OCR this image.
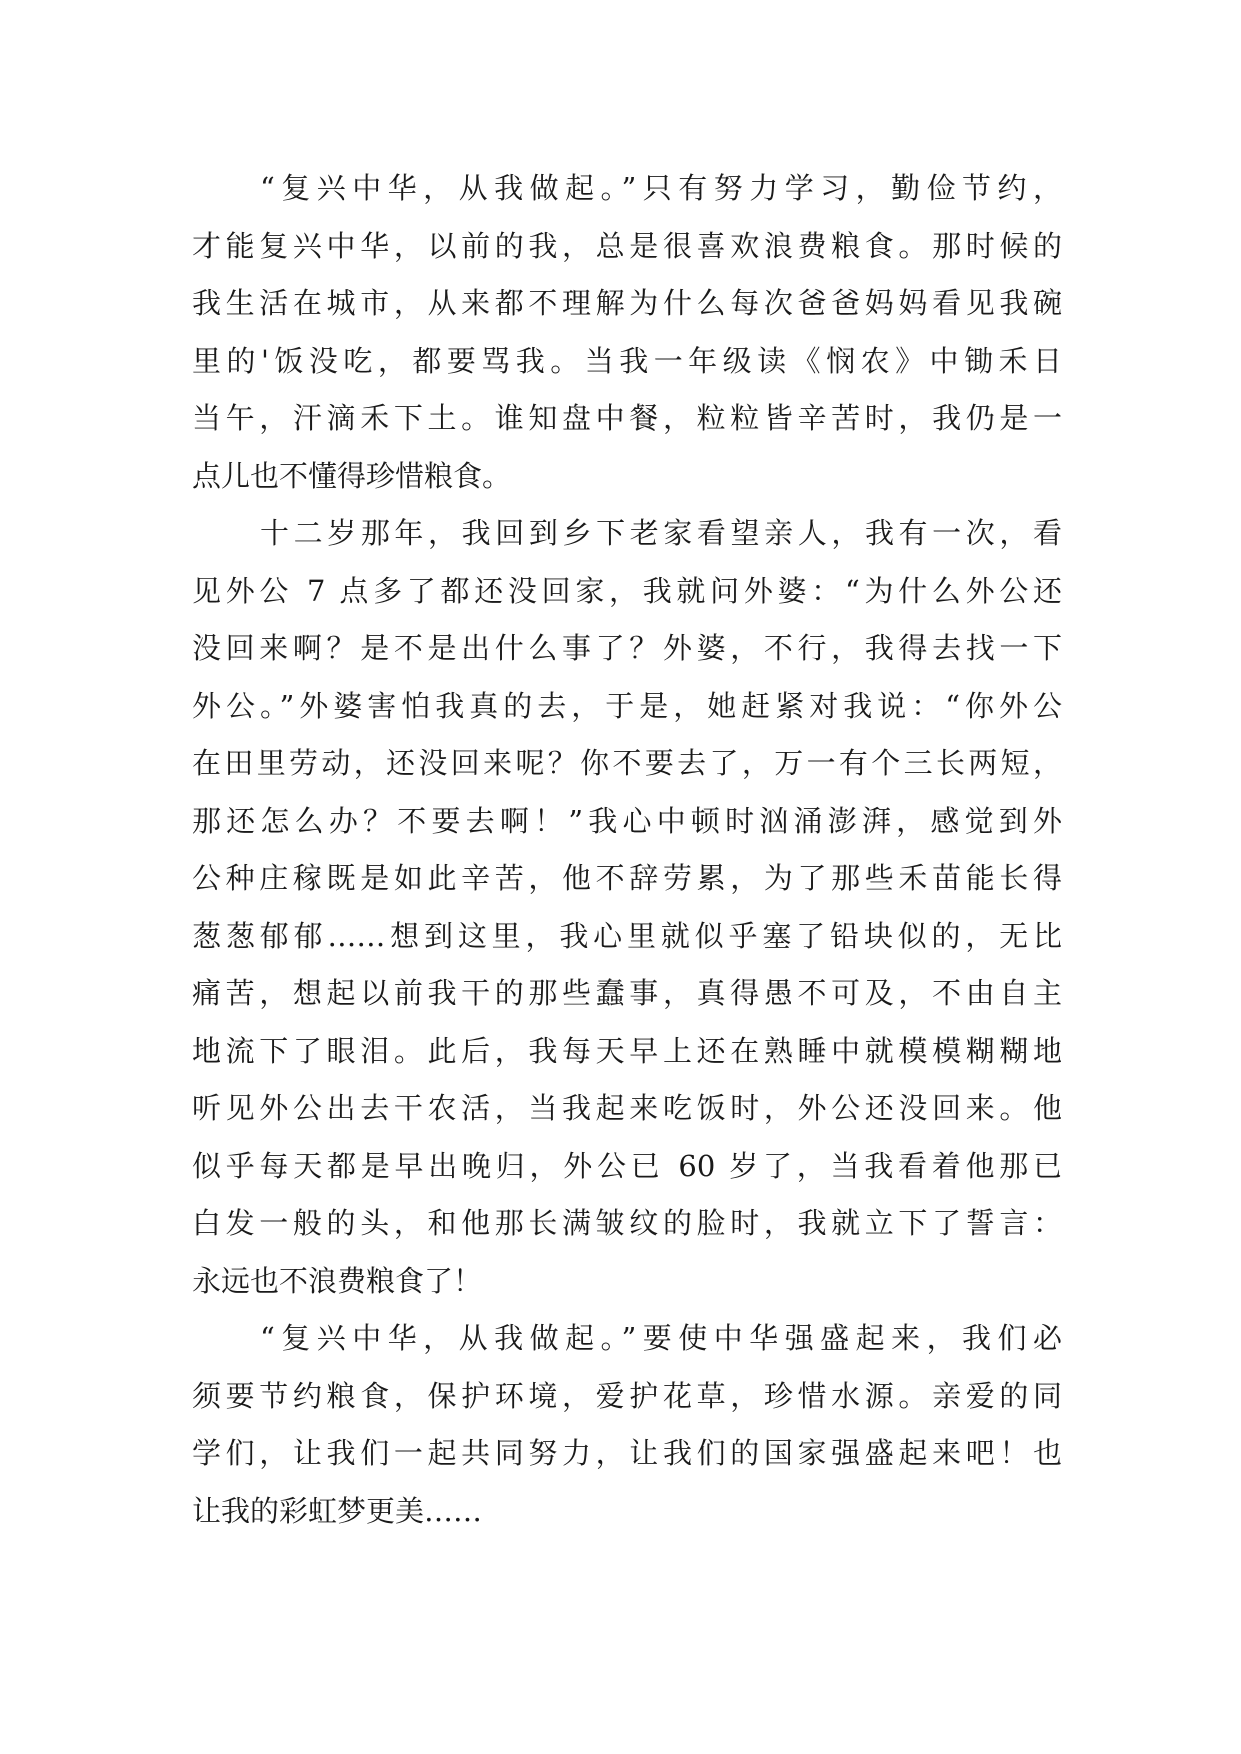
“复兴中华，从我做起。”只有努力学习，勤俭节约，
才能复兴中华，以前的我，总是很喜欢浪费粮食。那时候的
我生活在城市，从来都不理解为什么每次爸爸妈妈看见我碗
里的'饭没吃，都要骂我。当我一年级读《悯农》中锄禾日
当午，汗滴禾下土。谁知盘中餐，粒粒皆辛苦时，我仍是一
点儿也不懂得珍惜粮食。
十二岁那年，我回到乡下老家看望亲人，我有一次，看
见外公 7 点多了都还没回家，我就问外婆：“为什么外公还
没回来啊？是不是出什么事了？外婆，不行，我得去找一下
外公。”外婆害怕我真的去，于是，她赶紧对我说：“你外公
在田里劳动，还没回来呢？你不要去了，万一有个三长两短，
那还怎么办？不要去啊！”我心中顿时汹涌澎湃，感觉到外
公种庄稼既是如此辛苦，他不辞劳累，为了那些禾苗能长得
葱葱郁郁……想到这里，我心里就似乎塞了铅块似的，无比
痛苦，想起以前我干的那些蠢事，真得愚不可及，不由自主
地流下了眼泪。此后，我每天早上还在熟睡中就模模糊糊地
听见外公出去干农活，当我起来吃饭时，外公还没回来。他
似乎每天都是早出晚归，外公已 60 岁了，当我看着他那已
白发一般的头，和他那长满皱纹的脸时，我就立下了誓言：
永远也不浪费粮食了！
“复兴中华，从我做起。”要使中华强盛起来，我们必
须要节约粮食，保护环境，爱护花草，珍惜水源。亲爱的同
学们，让我们一起共同努力，让我们的国家强盛起来吧！也
让我的彩虹梦更美……
